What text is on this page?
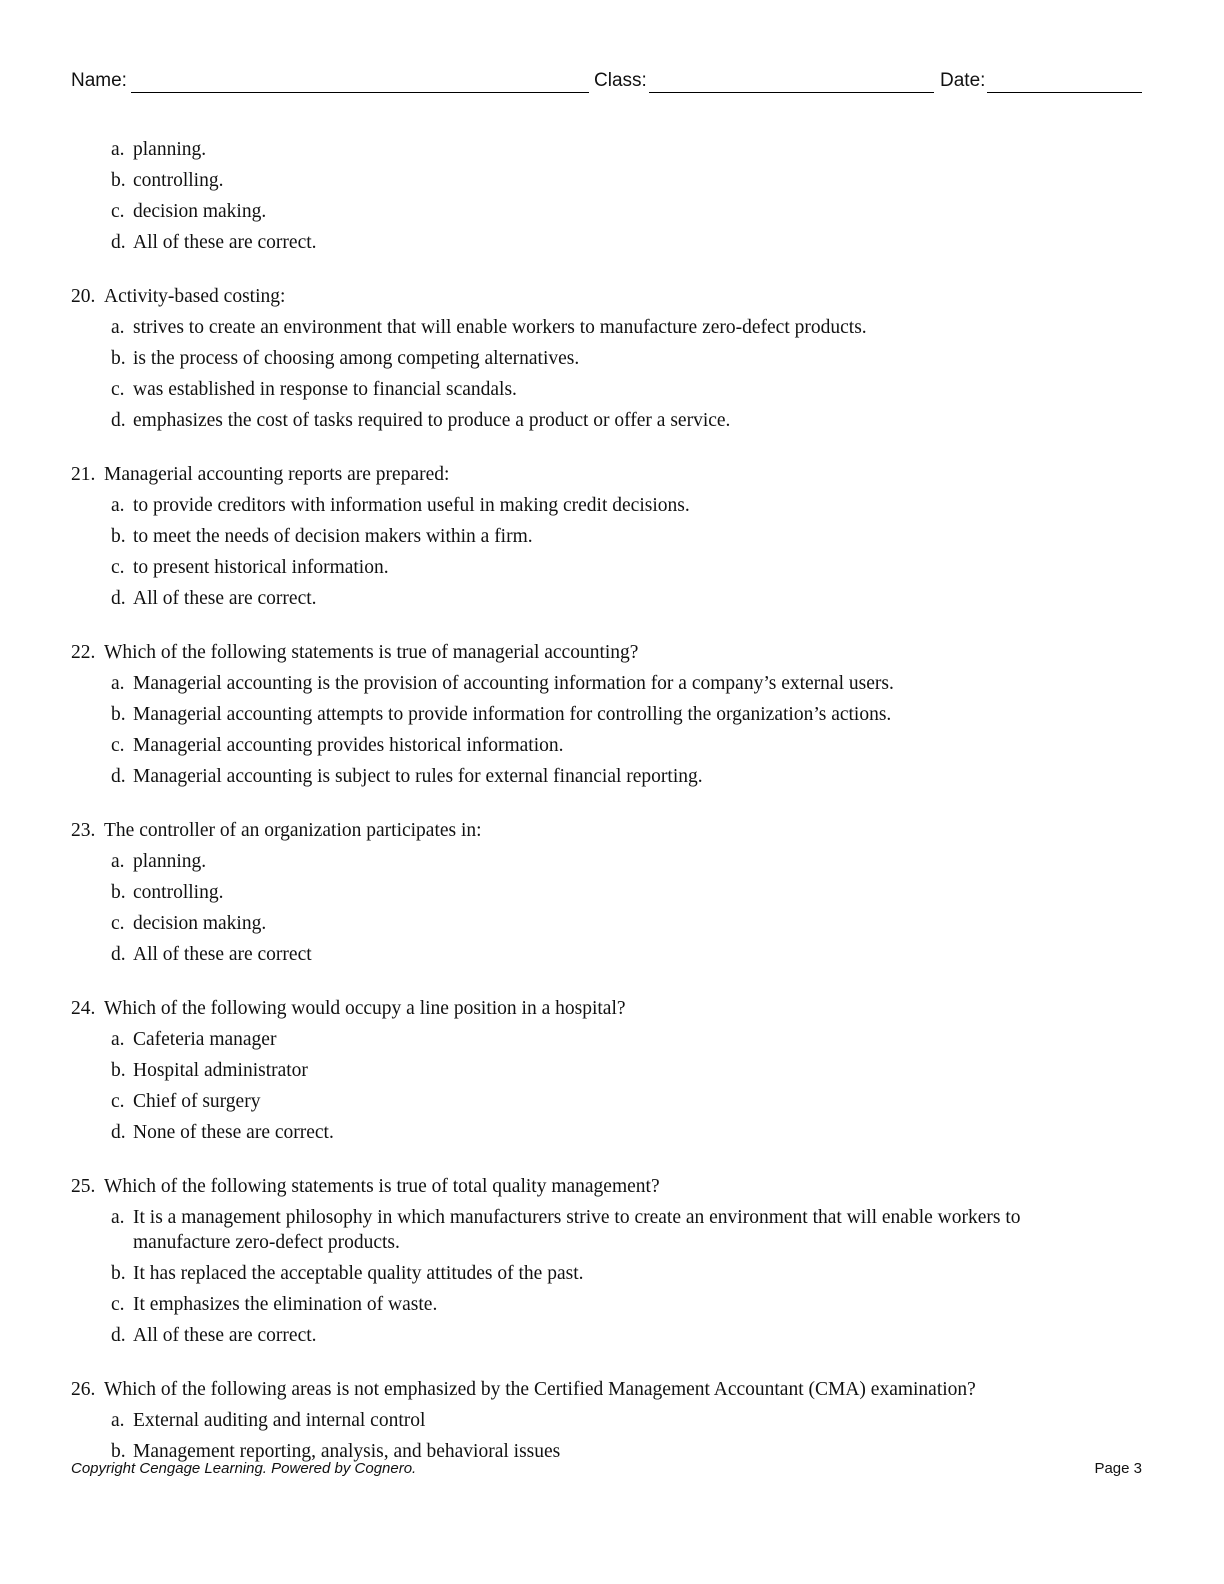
Name:	Class:	Date:
a. planning.
b. controlling.
c. decision making.
d. All of these are correct.
20. Activity-based costing:
a. strives to create an environment that will enable workers to manufacture zero-defect products.
b. is the process of choosing among competing alternatives.
c. was established in response to financial scandals.
d. emphasizes the cost of tasks required to produce a product or offer a service.
21. Managerial accounting reports are prepared:
a. to provide creditors with information useful in making credit decisions.
b. to meet the needs of decision makers within a firm.
c. to present historical information.
d. All of these are correct.
22. Which of the following statements is true of managerial accounting?
a. Managerial accounting is the provision of accounting information for a company’s external users.
b. Managerial accounting attempts to provide information for controlling the organization’s actions.
c. Managerial accounting provides historical information.
d. Managerial accounting is subject to rules for external financial reporting.
23. The controller of an organization participates in:
a. planning.
b. controlling.
c. decision making.
d. All of these are correct
24. Which of the following would occupy a line position in a hospital?
a. Cafeteria manager
b. Hospital administrator
c. Chief of surgery
d. None of these are correct.
25. Which of the following statements is true of total quality management?
a. It is a management philosophy in which manufacturers strive to create an environment that will enable workers to manufacture zero-defect products.
b. It has replaced the acceptable quality attitudes of the past.
c. It emphasizes the elimination of waste.
d. All of these are correct.
26. Which of the following areas is not emphasized by the Certified Management Accountant (CMA) examination?
a. External auditing and internal control
b. Management reporting, analysis, and behavioral issues
Copyright Cengage Learning. Powered by Cognero.	Page 3
